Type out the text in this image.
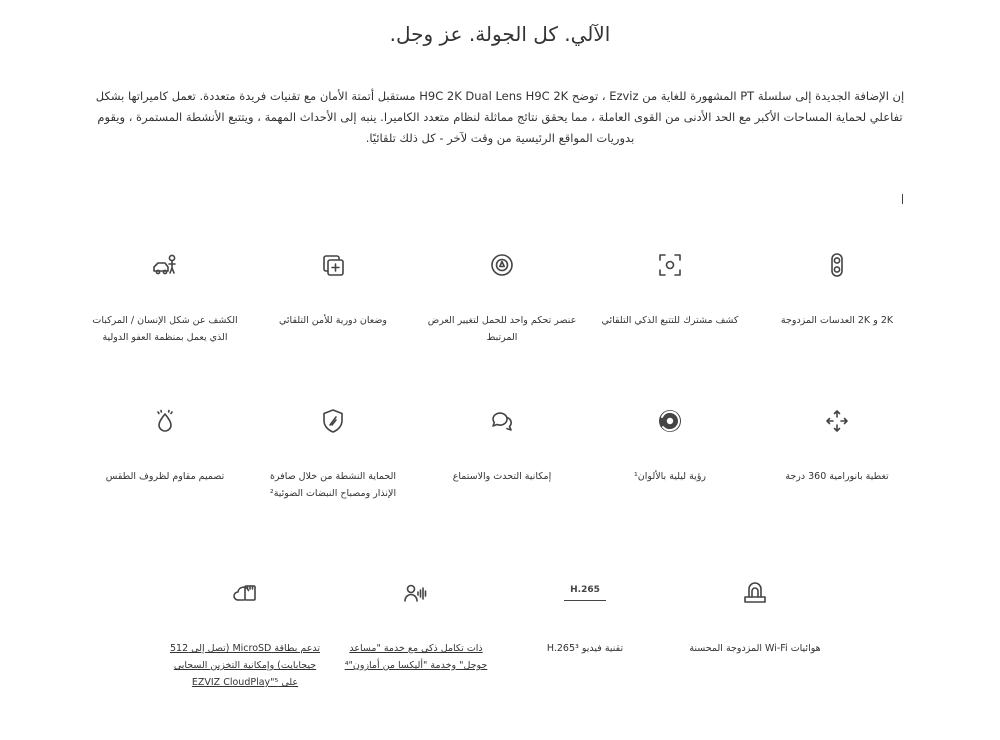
الآلي. كل الجولة. عز وجل.
إن الإضافة الجديدة إلى سلسلة PT المشهورة للغاية من Ezviz ، توضح H9C 2K Dual Lens H9C 2K مستقبل أتمتة الأمان مع تقنيات فريدة متعددة. تعمل كاميراتها بشكل تفاعلي لحماية المساحات الأكبر مع الحد الأدنى من القوى العاملة ، مما يحقق نتائج مماثلة لنظام متعدد الكاميرا. ينبه إلى الأحداث المهمة ، ويتتبع الأنشطة المستمرة ، ويقوم بدوريات المواقع الرئيسية من وقت لآخر - كل ذلك تلقائيًا.
2K و 2K العدسات المزدوجة
كشف مشترك للتتبع الذكي التلقائي
عنصر تحكم واحد للحمل لتغيير العرض المرتبط
وضعان دورية للأمن التلقائي
الكشف عن شكل الإنسان / المركبات الذي يعمل بمنظمة العفو الدولية
تغطية بانورامية 360 درجة
رؤية ليلية بالألوان¹
إمكانية التحدث والاستماع
الحماية النشطة من خلال صافرة الإنذار ومصباح النبضات الضوئية²
تصميم مقاوم لظروف الطقس
هوائيات Wi-Fi المزدوجة المحسنة
H.265
تقنية فيديو H.265³
ذات تكامل ذكي مع خدمة "مساعد جوجل" وخدمة "أليكسا من أمازون"⁴
تدعم بطاقة MicroSD (تصل إلى 512 جيجابايت) وإمكانية التخزين السحابي على EZVIZ CloudPlay"⁵
